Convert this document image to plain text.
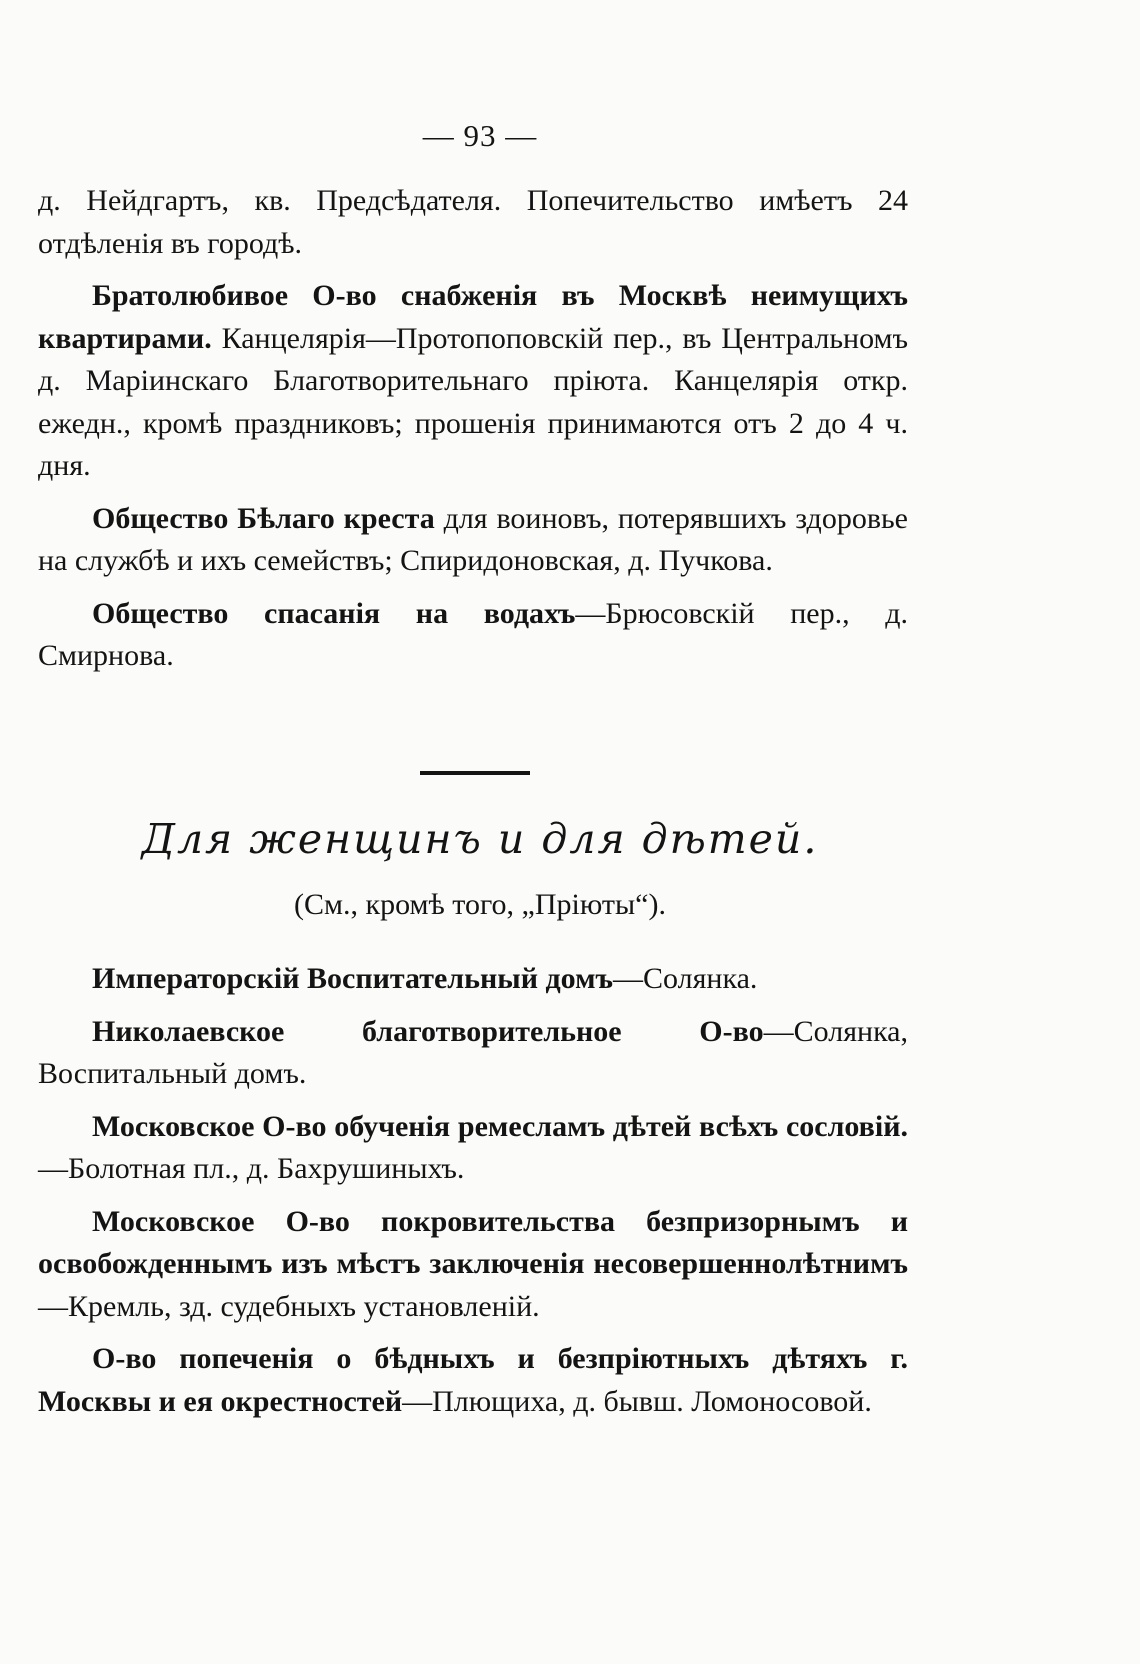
— 93 —

д. Нейдгартъ, кв. Предсѣдателя. Попечительство имѣетъ 24 отдѣленія въ городѣ.

Братолюбивое О-во снабженія въ Москвѣ неимущихъ квартирами. Канцелярія—Протопоповскій пер., въ Центральномъ д. Маріинскаго Благотворительнаго пріюта. Канцелярія откр. ежедн., кромѣ праздниковъ; прошенія принимаются отъ 2 до 4 ч. дня.

Общество Бѣлаго креста для воиновъ, потерявшихъ здоровье на службѣ и ихъ семействъ; Спиридоновская, д. Пучкова.

Общество спасанія на водахъ—Брюсовскій пер., д. Смирнова.

Для женщинъ и для дѣтей.
(См., кромѣ того, „Пріюты“).

Императорскій Воспитательный домъ—Солянка.

Николаевское благотворительное О-во—Солянка, Воспитальный домъ.

Московское О-во обученія ремесламъ дѣтей всѣхъ сословій.—Болотная пл., д. Бахрушиныхъ.

Московское О-во покровительства безпризорнымъ и освобожденнымъ изъ мѣстъ заключенія несовершеннолѣтнимъ—Кремль, зд. судебныхъ установленій.

О-во попеченія о бѣдныхъ и безпріютныхъ дѣтяхъ г. Москвы и ея окрестностей—Плющиха, д. бывш. Ломоносовой.
